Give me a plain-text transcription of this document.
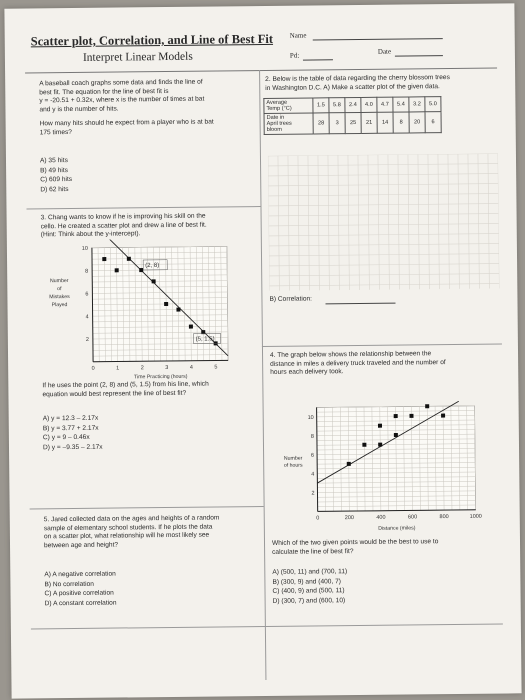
Scatter plot, Correlation, and Line of Best Fit
Interpret Linear Models
Name
Pd:	Date
A baseball coach graphs some data and finds the line of
best fit. The equation for the line of best fit is
y = -20.51 + 0.32x, where x is the number of times at bat
and y is the number of hits.
How many hits should he expect from a player who is at bat
175 times?
A) 35 hits
B) 49 hits
C) 609 hits
D) 62 hits
2. Below is the table of data regarding the cherry blossom trees
in Washington D.C. A) Make a scatter plot of the given data.
Average
Temp (°C)	1.5	5.8	2.4	4.0	4.7	5.4	3.2	5.0
Date in
April trees
bloom	28	3	25	21	14	8	20	6
B) Correlation:
3. Chang wants to know if he is improving his skill on the
cello. He created a scatter plot and drew a line of best fit.
(Hint: Think about the y-intercept).
10
8
6
4
2
0	1	2	3	4	5
Time Practicing (hours)
Number
of
Mistakes
Played
(2, 8)
(5, 1.5)
If he uses the point (2, 8) and (5, 1.5) from his line, which
equation would best represent the line of best fit?
A) y = 12.3 – 2.17x
B) y = 3.77 + 2.17x
C) y = 9 – 0.46x
D) y = –9.35 – 2.17x
4. The graph below shows the relationship between the
distance in miles a delivery truck traveled and the number of
hours each delivery took.
10
8
6
4
2
0	200	400	600	800	1000
Distance (miles)
Number
of hours
Which of the two given points would be the best to use to
calculate the line of best fit?
A) (500, 11) and (700, 11)
B) (300, 9) and (400, 7)
C) (400, 9) and (500, 11)
D) (300, 7) and (600, 10)
5. Jared collected data on the ages and heights of a random
sample of elementary school students. If he plots the data
on a scatter plot, what relationship will he most likely see
between age and height?
A) A negative correlation
B) No correlation
C) A positive correlation
D) A constant correlation
